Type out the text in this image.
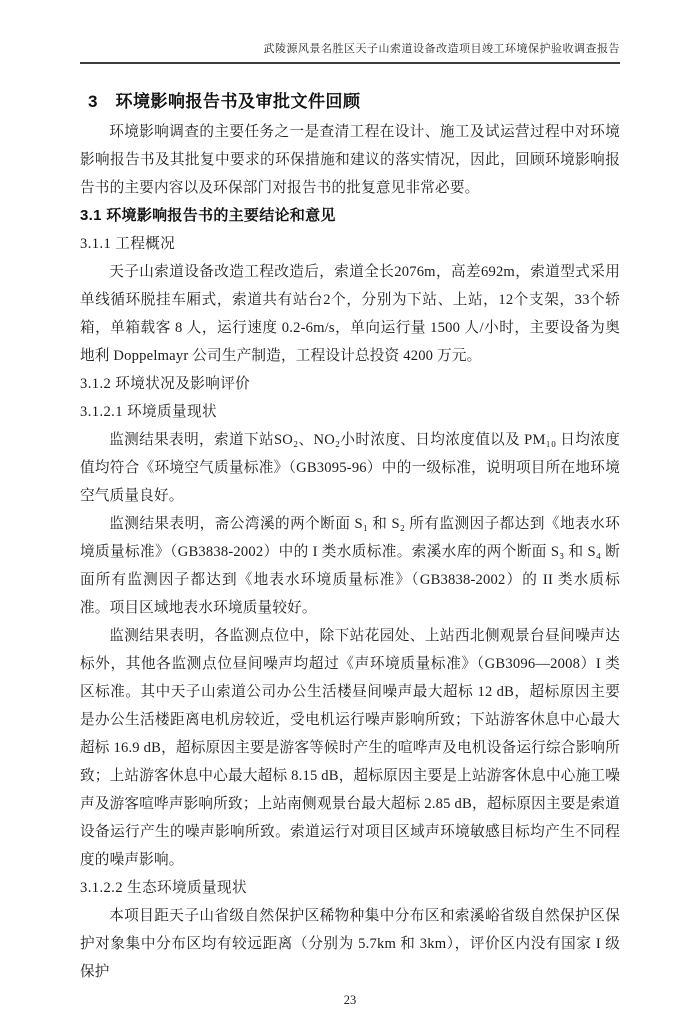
武陵源风景名胜区天子山索道设备改造项目竣工环境保护验收调查报告
3　环境影响报告书及审批文件回顾

环境影响调查的主要任务之一是查清工程在设计、施工及试运营过程中对环境影响报告书及其批复中要求的环保措施和建议的落实情况，因此，回顾环境影响报告书的主要内容以及环保部门对报告书的批复意见非常必要。

3.1 环境影响报告书的主要结论和意见
3.1.1 工程概况

天子山索道设备改造工程改造后，索道全长2076m，高差692m，索道型式采用单线循环脱挂车厢式，索道共有站台2个，分别为下站、上站，12个支架，33个轿箱，单箱载客 8 人，运行速度 0.2-6m/s，单向运行量 1500 人/小时，主要设备为奥地利 Doppelmayr 公司生产制造，工程设计总投资 4200 万元。

3.1.2 环境状况及影响评价
3.1.2.1 环境质量现状

监测结果表明，索道下站SO₂、NO₂小时浓度、日均浓度值以及 PM₁₀ 日均浓度值均符合《环境空气质量标准》（GB3095-96）中的一级标准，说明项目所在地环境空气质量良好。

监测结果表明，斋公湾溪的两个断面 S₁ 和 S₂ 所有监测因子都达到《地表水环境质量标准》（GB3838-2002）中的 I 类水质标准。索溪水库的两个断面 S₃ 和 S₄ 断面所有监测因子都达到《地表水环境质量标准》（GB3838-2002）的 II 类水质标准。项目区域地表水环境质量较好。

监测结果表明，各监测点位中，除下站花园处、上站西北侧观景台昼间噪声达标外，其他各监测点位昼间噪声均超过《声环境质量标准》（GB3096—2008）I 类区标准。其中天子山索道公司办公生活楼昼间噪声最大超标 12 dB，超标原因主要是办公生活楼距离电机房较近，受电机运行噪声影响所致；下站游客休息中心最大超标 16.9 dB，超标原因主要是游客等候时产生的喧哗声及电机设备运行综合影响所致；上站游客休息中心最大超标 8.15 dB，超标原因主要是上站游客休息中心施工噪声及游客喧哗声影响所致；上站南侧观景台最大超标 2.85 dB，超标原因主要是索道设备运行产生的噪声影响所致。索道运行对项目区域声环境敏感目标均产生不同程度的噪声影响。

3.1.2.2 生态环境质量现状

本项目距天子山省级自然保护区稀物种集中分布区和索溪峪省级自然保护区保护对象集中分布区均有较远距离（分别为 5.7km 和 3km），评价区内没有国家 I 级保护

23
